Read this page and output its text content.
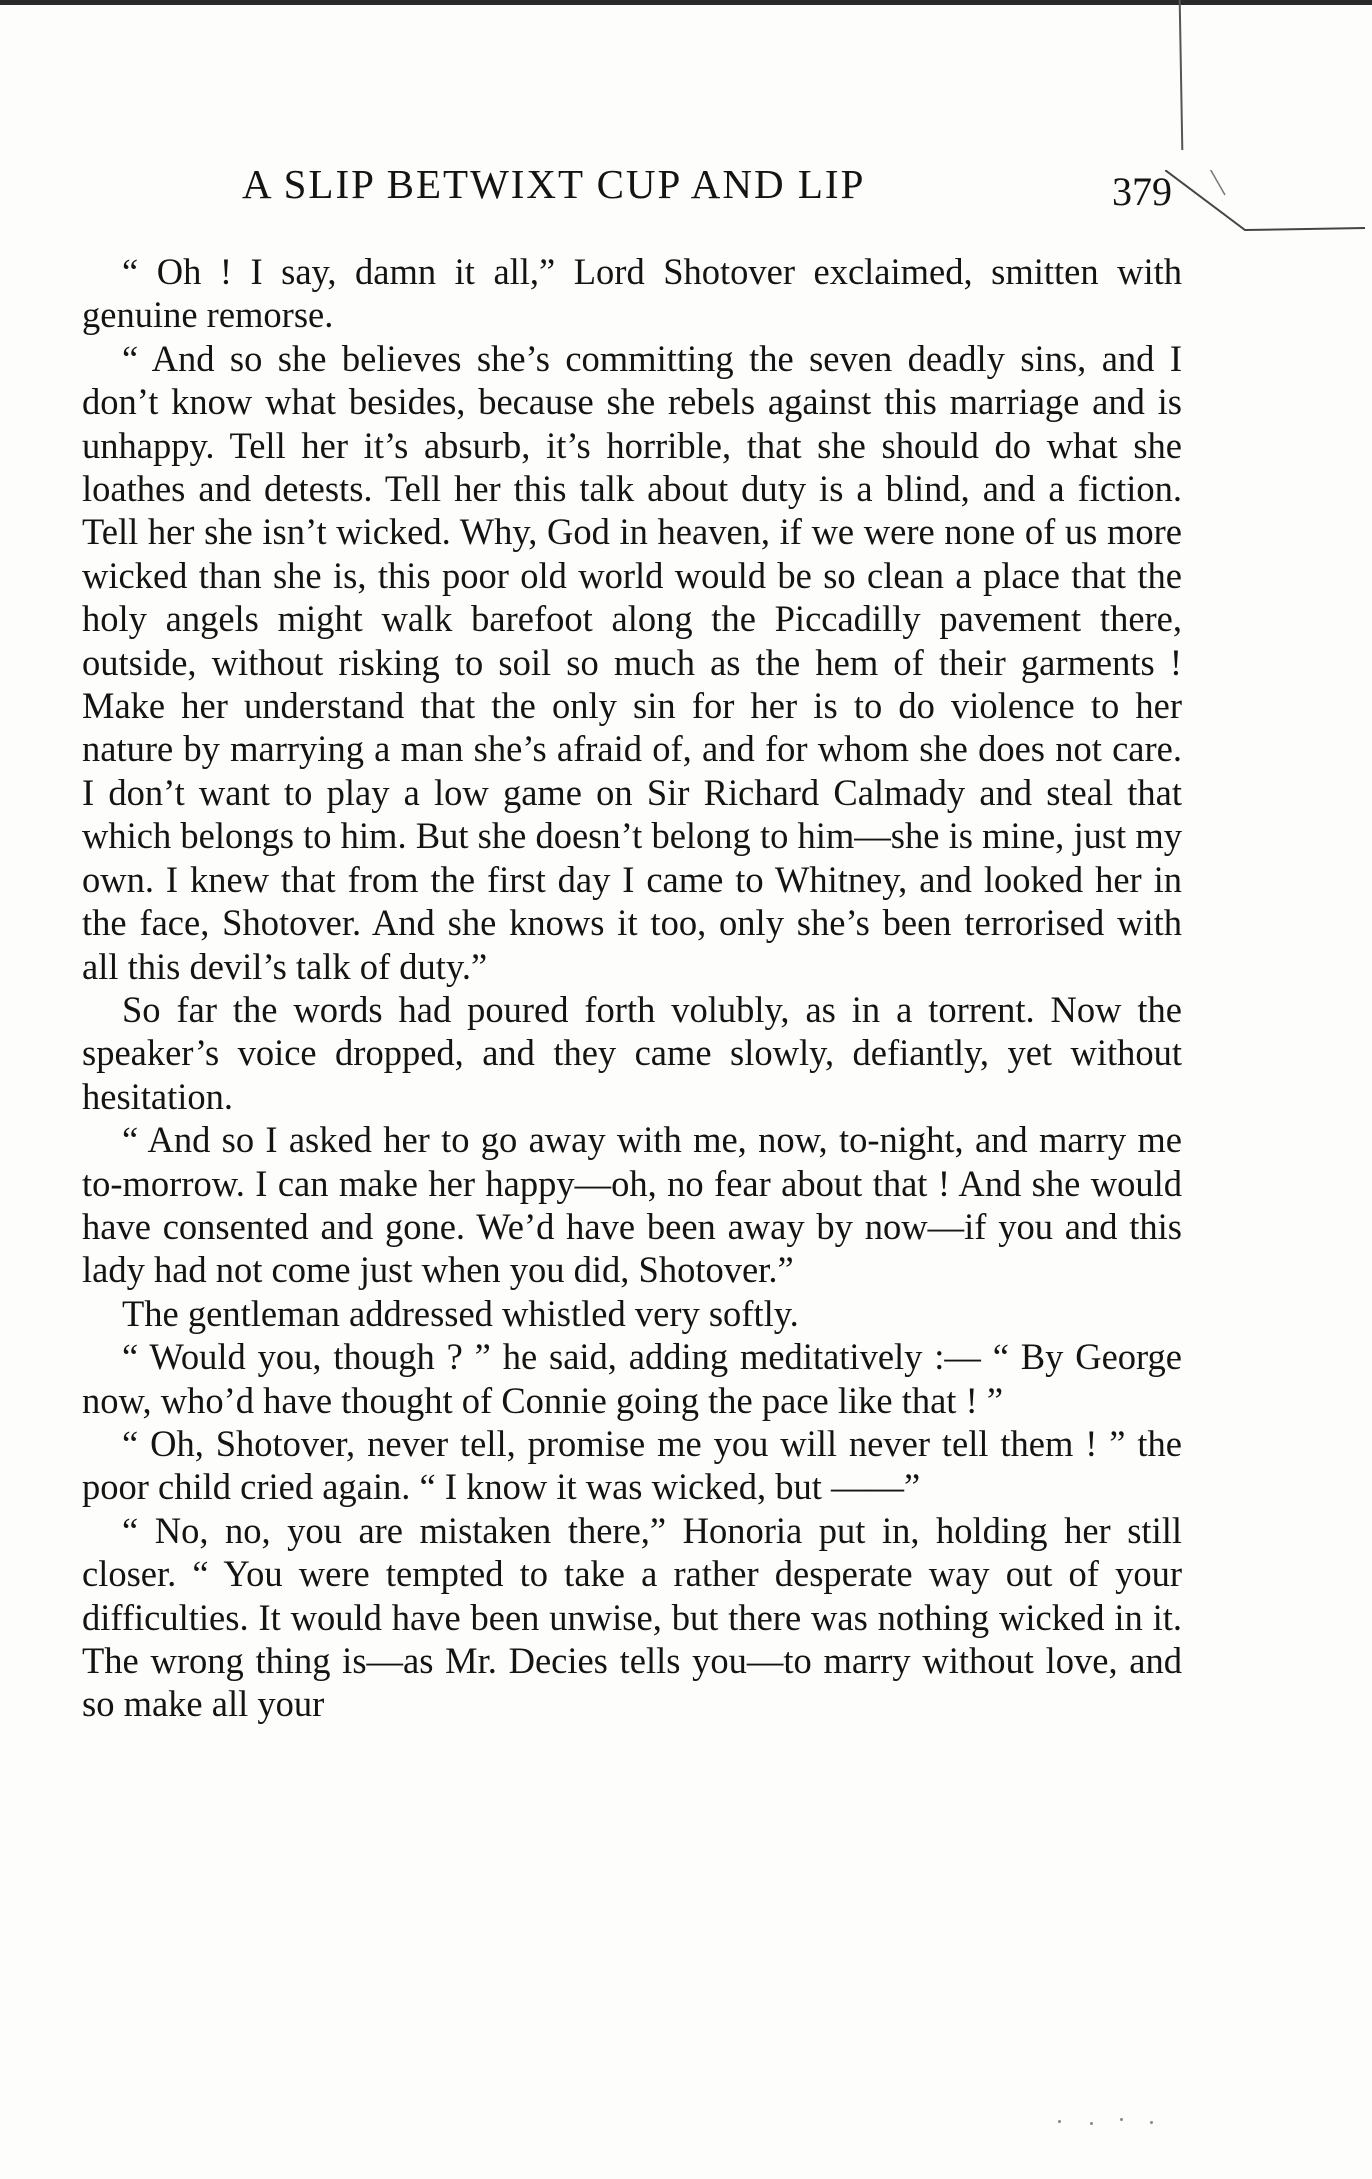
A SLIP BETWIXT CUP AND LIP	379

“ Oh ! I say, damn it all,” Lord Shotover exclaimed, smitten with genuine remorse.

“ And so she believes she’s committing the seven deadly sins, and I don’t know what besides, because she rebels against this marriage and is unhappy. Tell her it’s absurb, it’s horrible, that she should do what she loathes and detests. Tell her this talk about duty is a blind, and a fiction. Tell her she isn’t wicked. Why, God in heaven, if we were none of us more wicked than she is, this poor old world would be so clean a place that the holy angels might walk barefoot along the Piccadilly pavement there, outside, without risking to soil so much as the hem of their garments ! Make her understand that the only sin for her is to do violence to her nature by marrying a man she’s afraid of, and for whom she does not care. I don’t want to play a low game on Sir Richard Calmady and steal that which belongs to him. But she doesn’t belong to him—she is mine, just my own. I knew that from the first day I came to Whitney, and looked her in the face, Shotover. And she knows it too, only she’s been terrorised with all this devil’s talk of duty.”

So far the words had poured forth volubly, as in a torrent. Now the speaker’s voice dropped, and they came slowly, defiantly, yet without hesitation.

“ And so I asked her to go away with me, now, to-night, and marry me to-morrow. I can make her happy—oh, no fear about that ! And she would have consented and gone. We’d have been away by now—if you and this lady had not come just when you did, Shotover.”

The gentleman addressed whistled very softly.

“ Would you, though ? ” he said, adding meditatively :— “ By George now, who’d have thought of Connie going the pace like that ! ”

“ Oh, Shotover, never tell, promise me you will never tell them ! ” the poor child cried again. “ I know it was wicked, but ——”

“ No, no, you are mistaken there,” Honoria put in, holding her still closer. “ You were tempted to take a rather desperate way out of your difficulties. It would have been unwise, but there was nothing wicked in it. The wrong thing is—as Mr. Decies tells you—to marry without love, and so make all your
